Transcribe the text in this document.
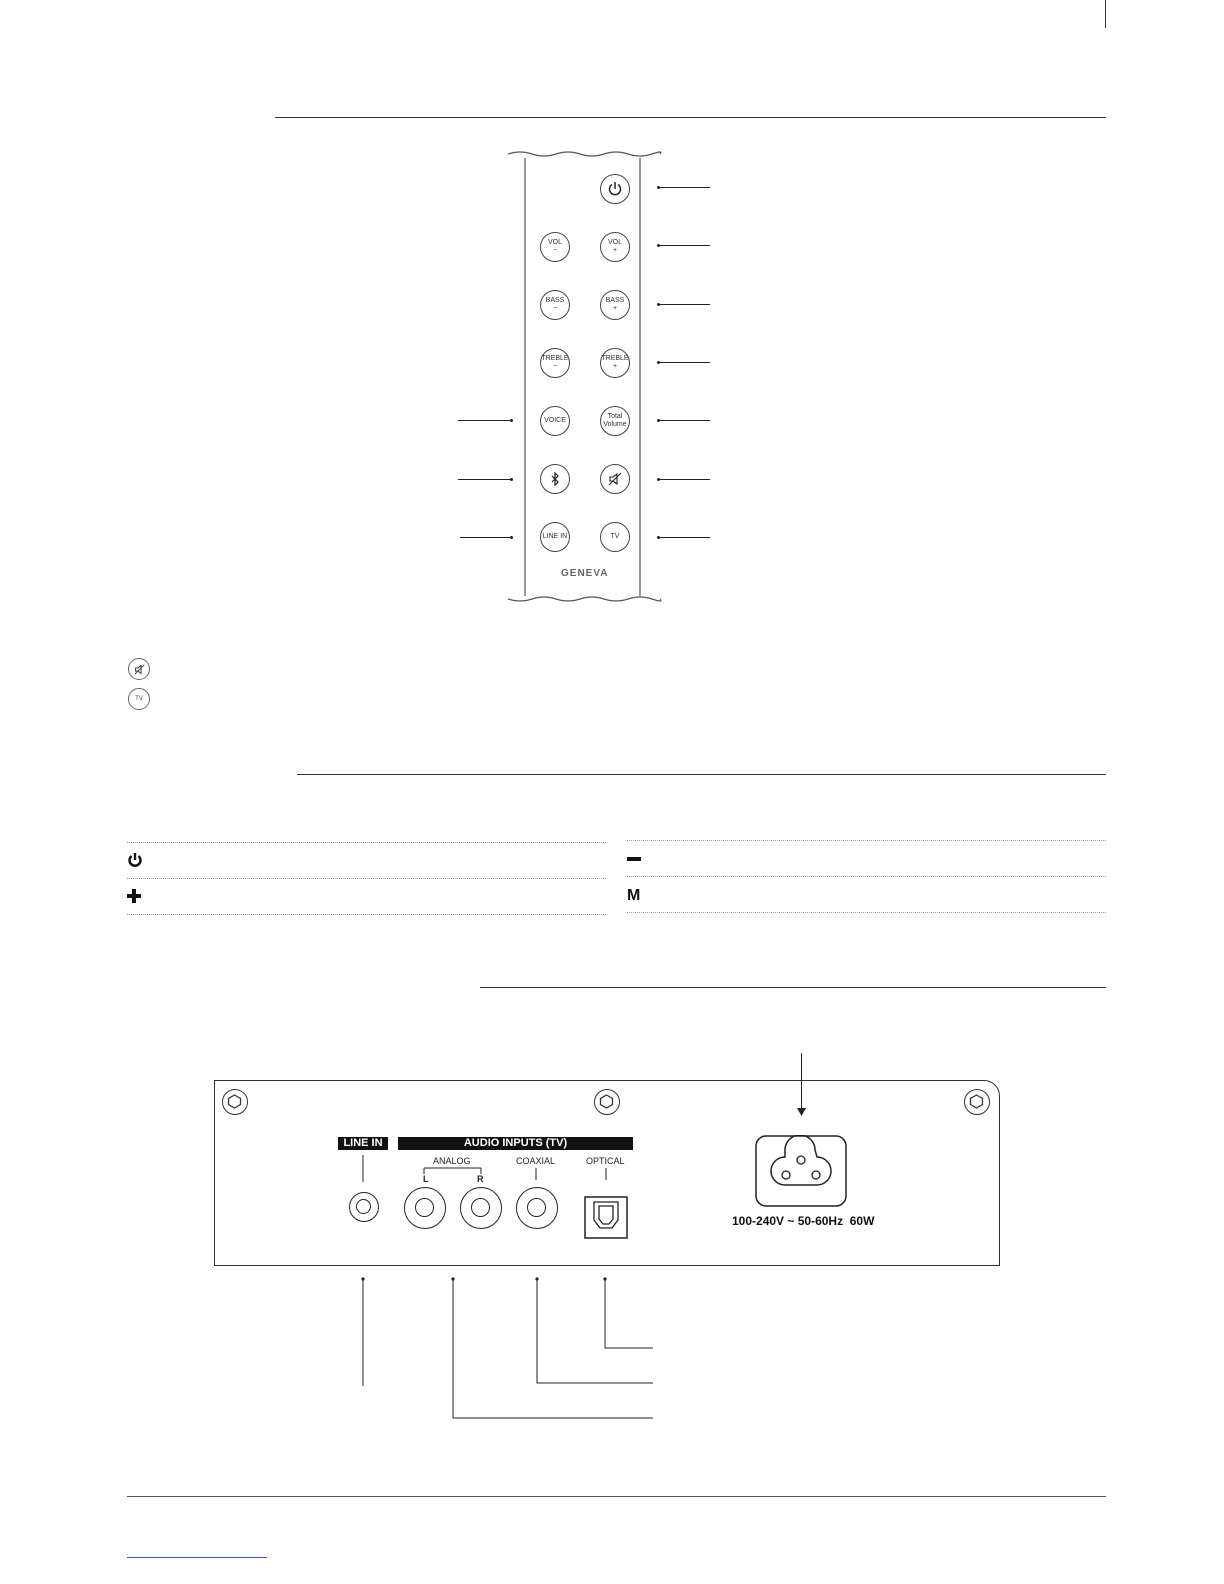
VOL
−
VOL
+
BASS
−
BASS
+
TREBLE
−
TREBLE
+
VOICE
Total
Volume
LINE IN	TV
GENEVA
TV
M
LINE IN	AUDIO INPUTS (TV)
ANALOG
L	R
COAXIAL	OPTICAL
100-240V ~ 50-60Hz  60W
